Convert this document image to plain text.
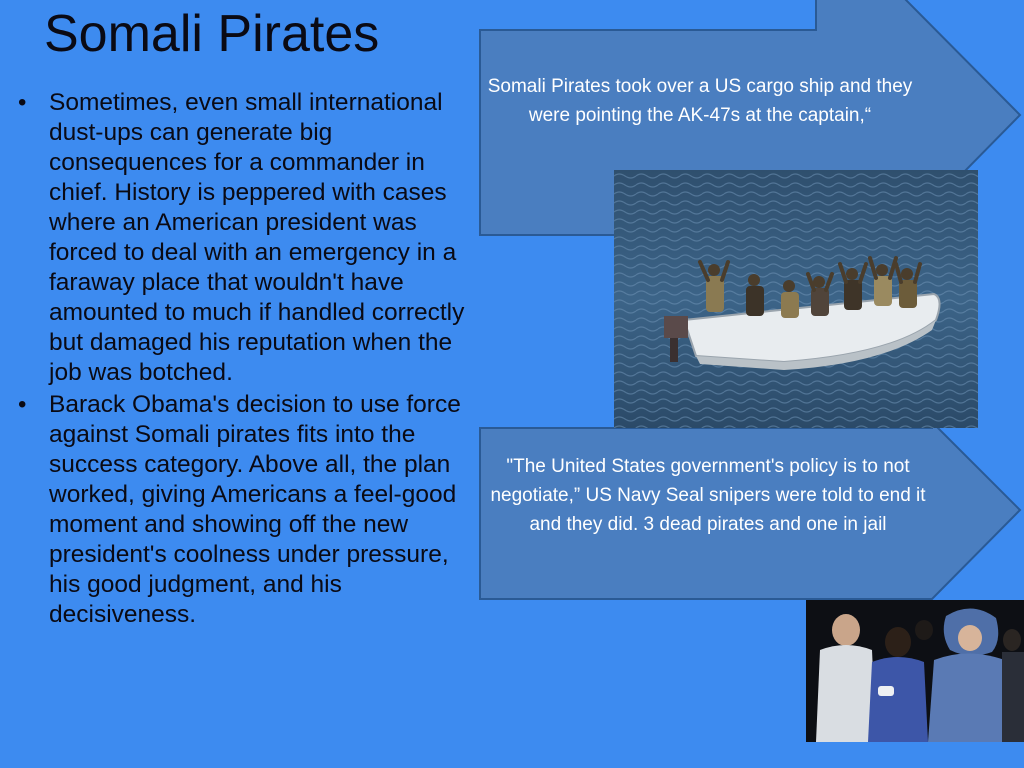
Somali Pirates
• Sometimes, even small international dust-ups can generate big consequences for a commander in chief. History is peppered with cases where an American president was forced to deal with an emergency in a faraway place that wouldn't have amounted to much if handled correctly but damaged his reputation when the job was botched.
• Barack Obama's decision to use force against Somali pirates fits into the success category. Above all, the plan worked, giving Americans a feel-good moment and showing off the new president's coolness under pressure, his good judgment, and his decisiveness.
Somali Pirates took over a US cargo ship and they were pointing the AK-47s at the captain,“
"The United States government's policy is to not negotiate,” US Navy Seal snipers were told to end it and they did. 3 dead pirates and one in jail
